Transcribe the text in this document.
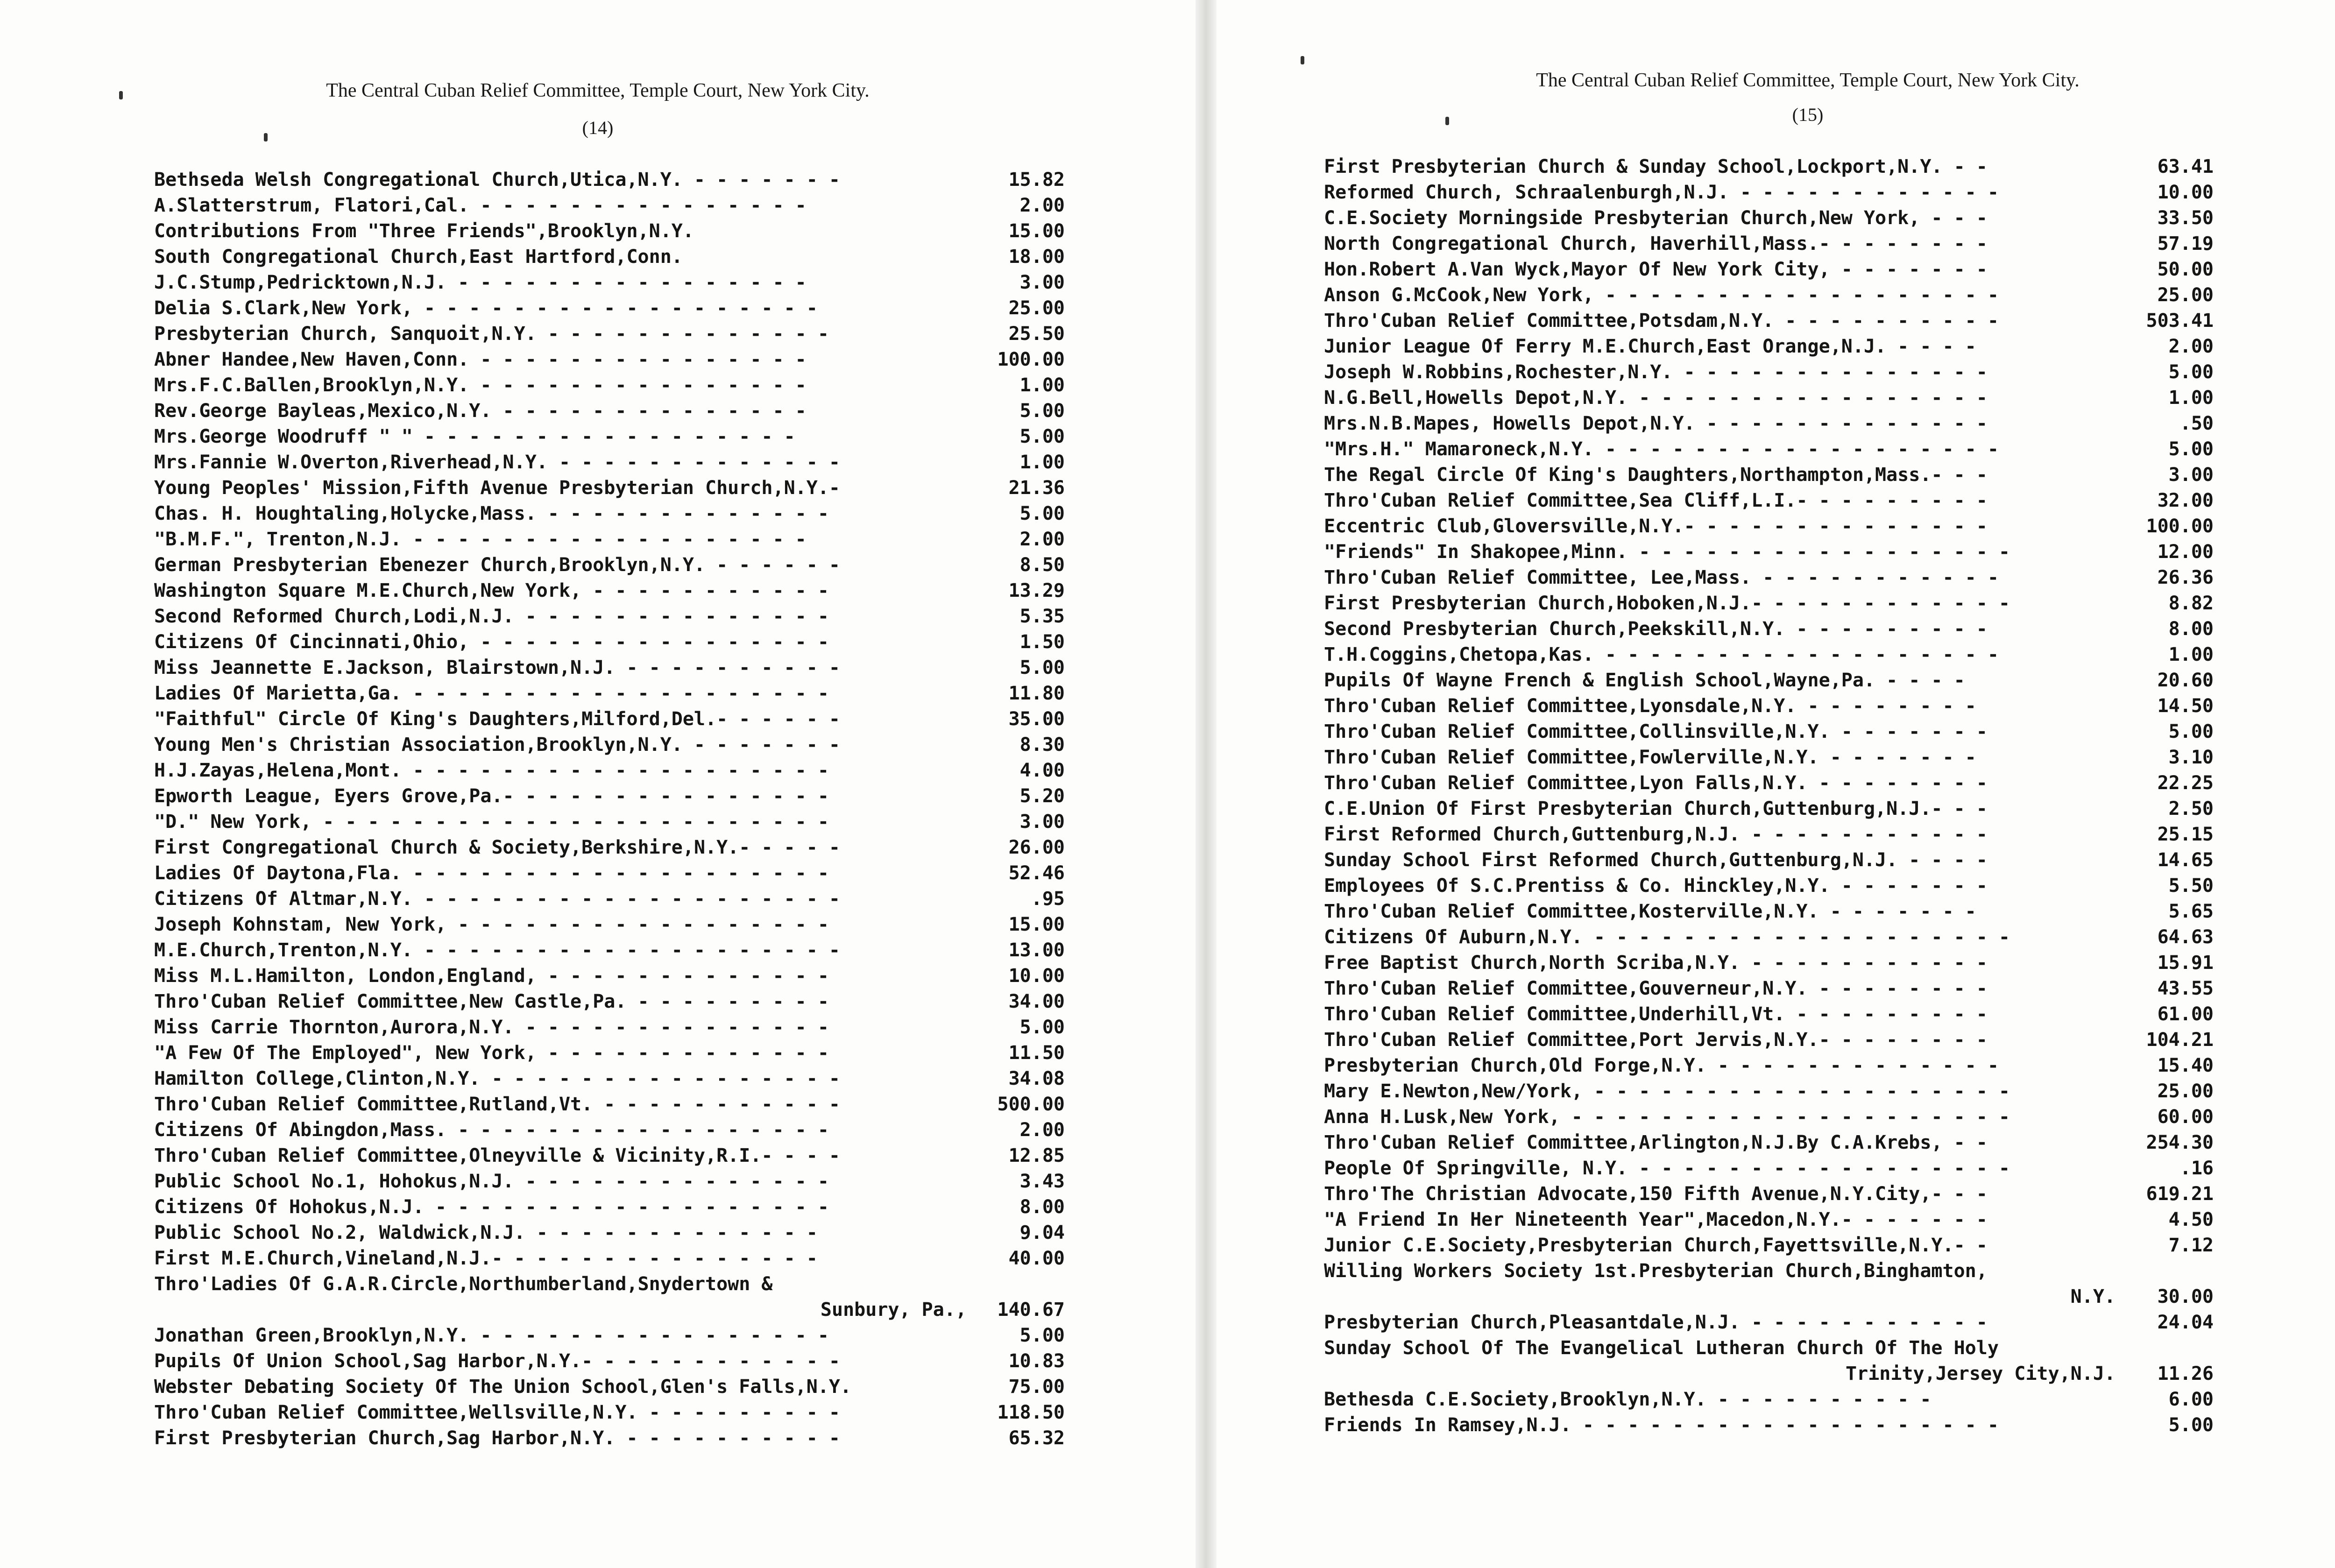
The Central Cuban Relief Committee, Temple Court, New York City.
(14)
Bethseda Welsh Congregational Church,Utica,N.Y. - - - - - - -	15.82
A.Slatterstrum, Flatori,Cal. - - - - - - - - - - - - - - -	2.00
Contributions From "Three Friends",Brooklyn,N.Y.	15.00
South Congregational Church,East Hartford,Conn.	18.00
J.C.Stump,Pedricktown,N.J. - - - - - - - - - - - - - - - -	3.00
Delia S.Clark,New York, - - - - - - - - - - - - - - - - - -	25.00
Presbyterian Church, Sanquoit,N.Y. - - - - - - - - - - - - -	25.50
Abner Handee,New Haven,Conn. - - - - - - - - - - - - - - -	100.00
Mrs.F.C.Ballen,Brooklyn,N.Y. - - - - - - - - - - - - - - -	1.00
Rev.George Bayleas,Mexico,N.Y. - - - - - - - - - - - - - -	5.00
Mrs.George Woodruff " " - - - - - - - - - - - - - - - - -	5.00
Mrs.Fannie W.Overton,Riverhead,N.Y. - - - - - - - - - - - - -	1.00
Young Peoples' Mission,Fifth Avenue Presbyterian Church,N.Y.-	21.36
Chas. H. Houghtaling,Holycke,Mass. - - - - - - - - - - - - -	5.00
"B.M.F.", Trenton,N.J. - - - - - - - - - - - - - - - - - -	2.00
German Presbyterian Ebenezer Church,Brooklyn,N.Y. - - - - - -	8.50
Washington Square M.E.Church,New York, - - - - - - - - - - -	13.29
Second Reformed Church,Lodi,N.J. - - - - - - - - - - - - - -	5.35
Citizens Of Cincinnati,Ohio, - - - - - - - - - - - - - - - -	1.50
Miss Jeannette E.Jackson, Blairstown,N.J. - - - - - - - - - -	5.00
Ladies Of Marietta,Ga. - - - - - - - - - - - - - - - - - - -	11.80
"Faithful" Circle Of King's Daughters,Milford,Del.- - - - - -	35.00
Young Men's Christian Association,Brooklyn,N.Y. - - - - - - -	8.30
H.J.Zayas,Helena,Mont. - - - - - - - - - - - - - - - - - - -	4.00
Epworth League, Eyers Grove,Pa.- - - - - - - - - - - - - - -	5.20
"D." New York, - - - - - - - - - - - - - - - - - - - - - - -	3.00
First Congregational Church & Society,Berkshire,N.Y.- - - - -	26.00
Ladies Of Daytona,Fla. - - - - - - - - - - - - - - - - - - -	52.46
Citizens Of Altmar,N.Y. - - - - - - - - - - - - - - - - - - -	.95
Joseph Kohnstam, New York, - - - - - - - - - - - - - - - - -	15.00
M.E.Church,Trenton,N.Y. - - - - - - - - - - - - - - - - - - -	13.00
Miss M.L.Hamilton, London,England, - - - - - - - - - - - - -	10.00
Thro'Cuban Relief Committee,New Castle,Pa. - - - - - - - - -	34.00
Miss Carrie Thornton,Aurora,N.Y. - - - - - - - - - - - - - -	5.00
"A Few Of The Employed", New York, - - - - - - - - - - - - -	11.50
Hamilton College,Clinton,N.Y. - - - - - - - - - - - - - - - -	34.08
Thro'Cuban Relief Committee,Rutland,Vt. - - - - - - - - - - -	500.00
Citizens Of Abingdon,Mass. - - - - - - - - - - - - - - - - -	2.00
Thro'Cuban Relief Committee,Olneyville & Vicinity,R.I.- - - -	12.85
Public School No.1, Hohokus,N.J. - - - - - - - - - - - - - -	3.43
Citizens Of Hohokus,N.J. - - - - - - - - - - - - - - - - - -	8.00
Public School No.2, Waldwick,N.J. - - - - - - - - - - - - -	9.04
First M.E.Church,Vineland,N.J.- - - - - - - - - - - - - - -	40.00
Thro'Ladies Of G.A.R.Circle,Northumberland,Snydertown &
Sunbury, Pa., 140.67
Jonathan Green,Brooklyn,N.Y. - - - - - - - - - - - - - - - -	5.00
Pupils Of Union School,Sag Harbor,N.Y.- - - - - - - - - - - -	10.83
Webster Debating Society Of The Union School,Glen's Falls,N.Y.	75.00
Thro'Cuban Relief Committee,Wellsville,N.Y. - - - - - - - - -	118.50
First Presbyterian Church,Sag Harbor,N.Y. - - - - - - - - - -	65.32
The Central Cuban Relief Committee, Temple Court, New York City.
(15)
First Presbyterian Church & Sunday School,Lockport,N.Y. - -	63.41
Reformed Church, Schraalenburgh,N.J. - - - - - - - - - - - -	10.00
C.E.Society Morningside Presbyterian Church,New York, - - -	33.50
North Congregational Church, Haverhill,Mass.- - - - - - - -	57.19
Hon.Robert A.Van Wyck,Mayor Of New York City, - - - - - - -	50.00
Anson G.McCook,New York, - - - - - - - - - - - - - - - - - -	25.00
Thro'Cuban Relief Committee,Potsdam,N.Y. - - - - - - - - - -	503.41
Junior League Of Ferry M.E.Church,East Orange,N.J. - - - -	2.00
Joseph W.Robbins,Rochester,N.Y. - - - - - - - - - - - - - -	5.00
N.G.Bell,Howells Depot,N.Y. - - - - - - - - - - - - - - - -	1.00
Mrs.N.B.Mapes, Howells Depot,N.Y. - - - - - - - - - - - - -	.50
"Mrs.H." Mamaroneck,N.Y. - - - - - - - - - - - - - - - - - -	5.00
The Regal Circle Of King's Daughters,Northampton,Mass.- - -	3.00
Thro'Cuban Relief Committee,Sea Cliff,L.I.- - - - - - - - -	32.00
Eccentric Club,Gloversville,N.Y.- - - - - - - - - - - - - -	100.00
"Friends" In Shakopee,Minn. - - - - - - - - - - - - - - - - -	12.00
Thro'Cuban Relief Committee, Lee,Mass. - - - - - - - - - - -	26.36
First Presbyterian Church,Hoboken,N.J.- - - - - - - - - - - -	8.82
Second Presbyterian Church,Peekskill,N.Y. - - - - - - - - -	8.00
T.H.Coggins,Chetopa,Kas. - - - - - - - - - - - - - - - - - -	1.00
Pupils Of Wayne French & English School,Wayne,Pa. - - - -	20.60
Thro'Cuban Relief Committee,Lyonsdale,N.Y. - - - - - - - -	14.50
Thro'Cuban Relief Committee,Collinsville,N.Y. - - - - - - -	5.00
Thro'Cuban Relief Committee,Fowlerville,N.Y. - - - - - - -	3.10
Thro'Cuban Relief Committee,Lyon Falls,N.Y. - - - - - - - -	22.25
C.E.Union Of First Presbyterian Church,Guttenburg,N.J.- - -	2.50
First Reformed Church,Guttenburg,N.J. - - - - - - - - - - -	25.15
Sunday School First Reformed Church,Guttenburg,N.J. - - - -	14.65
Employees Of S.C.Prentiss & Co. Hinckley,N.Y. - - - - - - -	5.50
Thro'Cuban Relief Committee,Kosterville,N.Y. - - - - - - -	5.65
Citizens Of Auburn,N.Y. - - - - - - - - - - - - - - - - - - -	64.63
Free Baptist Church,North Scriba,N.Y. - - - - - - - - - - -	15.91
Thro'Cuban Relief Committee,Gouverneur,N.Y. - - - - - - - -	43.55
Thro'Cuban Relief Committee,Underhill,Vt. - - - - - - - - -	61.00
Thro'Cuban Relief Committee,Port Jervis,N.Y.- - - - - - - -	104.21
Presbyterian Church,Old Forge,N.Y. - - - - - - - - - - - - -	15.40
Mary E.Newton,New/York, - - - - - - - - - - - - - - - - - - -	25.00
Anna H.Lusk,New York, - - - - - - - - - - - - - - - - - - - -	60.00
Thro'Cuban Relief Committee,Arlington,N.J.By C.A.Krebs, - -	254.30
People Of Springville, N.Y. - - - - - - - - - - - - - - - - -	.16
Thro'The Christian Advocate,150 Fifth Avenue,N.Y.City,- - -	619.21
"A Friend In Her Nineteenth Year",Macedon,N.Y.- - - - - - -	4.50
Junior C.E.Society,Presbyterian Church,Fayettsville,N.Y.- -	7.12
Willing Workers Society 1st.Presbyterian Church,Binghamton,
N.Y. 30.00
Presbyterian Church,Pleasantdale,N.J. - - - - - - - - - - -	24.04
Sunday School Of The Evangelical Lutheran Church Of The Holy
Trinity,Jersey City,N.J. 11.26
Bethesda C.E.Society,Brooklyn,N.Y. - - - - - - - - - -	6.00
Friends In Ramsey,N.J. - - - - - - - - - - - - - - - - - - -	5.00
